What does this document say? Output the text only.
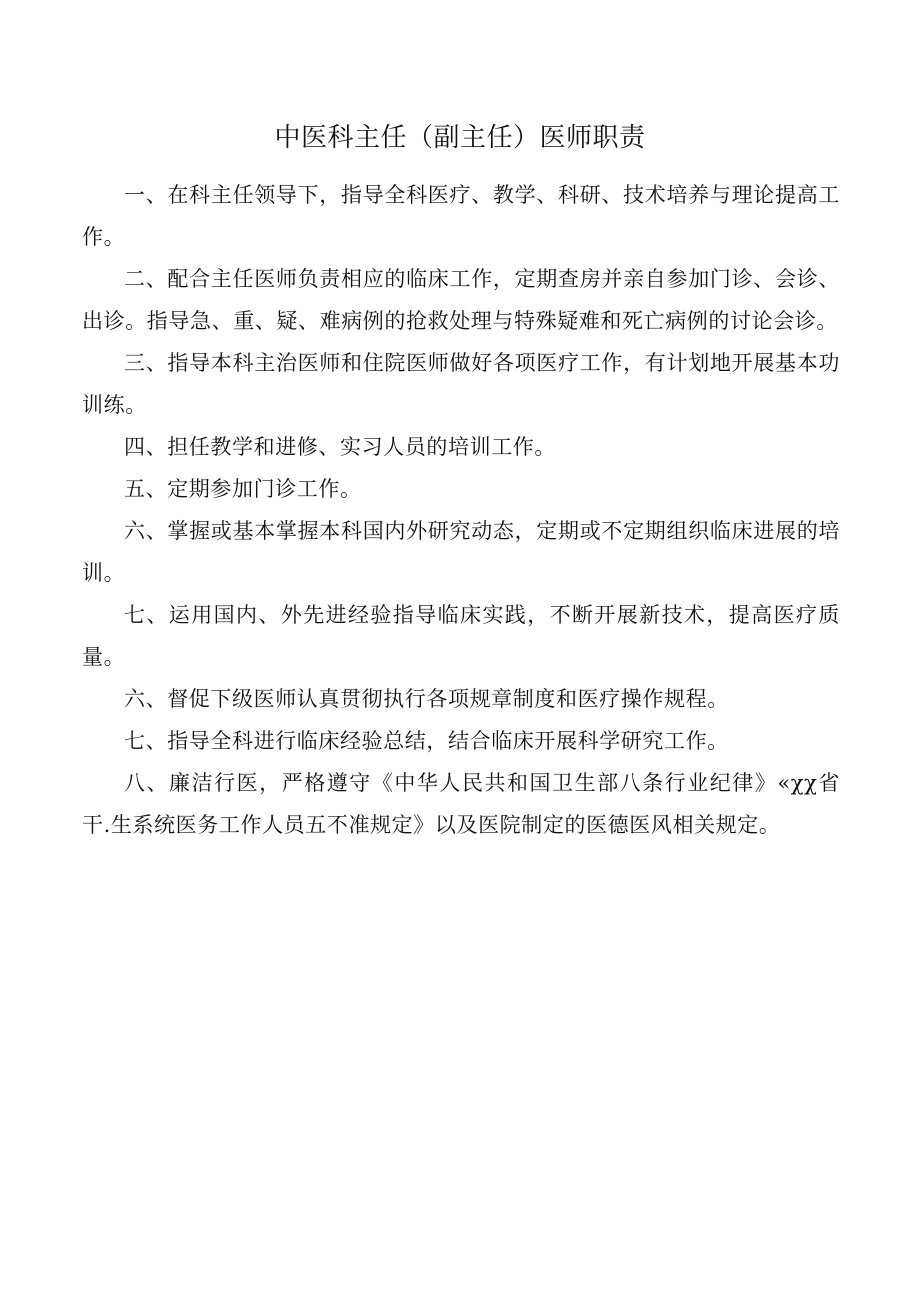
中医科主任（副主任）医师职责

一、在科主任领导下，指导全科医疗、教学、科研、技术培养与理论提高工作。

二、配合主任医师负责相应的临床工作，定期查房并亲自参加门诊、会诊、出诊。指导急、重、疑、难病例的抢救处理与特殊疑难和死亡病例的讨论会诊。

三、指导本科主治医师和住院医师做好各项医疗工作，有计划地开展基本功训练。

四、担任教学和进修、实习人员的培训工作。

五、定期参加门诊工作。

六、掌握或基本掌握本科国内外研究动态，定期或不定期组织临床进展的培训。

七、运用国内、外先进经验指导临床实践，不断开展新技术，提高医疗质量。

六、督促下级医师认真贯彻执行各项规章制度和医疗操作规程。

七、指导全科进行临床经验总结，结合临床开展科学研究工作。

八、廉洁行医，严格遵守《中华人民共和国卫生部八条行业纪律》«χχ省干.生系统医务工作人员五不准规定》以及医院制定的医德医风相关规定。
